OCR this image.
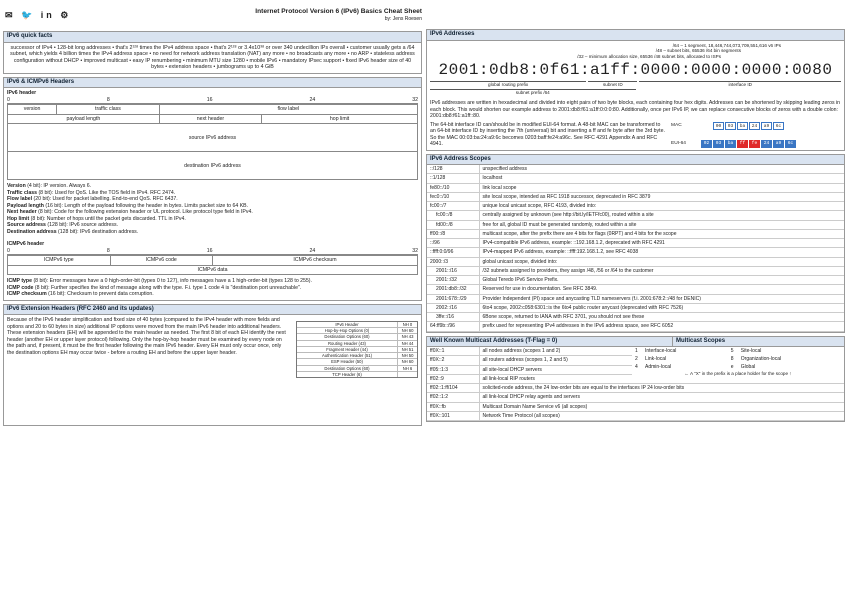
✉ 🐦 in ⚙	Internet Protocol Version 6 (IPv6) Basics Cheat Sheet
by: Jens Roesen
IPv6 quick facts
successor of IPv4 • 128-bit long addresses • that's 2¹²⁸ times the IPv4 address space • that's 2¹²⁸ or 3.4x10³⁸ or over 340 undecillion IPs overall • customer usually gets a /64 subnet, which yields 4 billion times the IPv4 address space • no need for network address translation (NAT) any more • no broadcasts any more • no ARP • stateless address configuration without DHCP • improved multicast • easy IP renumbering • minimum MTU size 1280 • mobile IPv6 • mandatory IPsec support • fixed IPv6 header size of 40 bytes • extension headers • jumbograms up to 4 GiB
IPv6 & ICMPv6 Headers
IPv6 header
0	8	16	24	32
version	traffic class	flow label	
payload length		next header	hop limit
source IPv6 address			
destination IPv6 address			
Version (4 bit): IP version. Always 6.
Traffic class (8 bit): Used for QoS. Like the TOS field in IPv4. RFC 2474.
Flow label (20 bit): Used for packet labelling. End-to-end QoS. RFC 6437.
Payload length (16 bit): Length of the payload following the header in bytes. Limits packet size to 64 KB.
Next header (8 bit): Code for the following extension header or UL protocol. Like protocol type field in IPv4.
Hop limit (8 bit): Number of hops until the packet gets discarded. TTL in IPv4.
Source address (128 bit): IPv6 source address.
Destination address (128 bit): IPv6 destination address.
ICMPv6 header
0	8	16	24	32
ICMPv6 type	ICMPv6 code	ICMPv6 checksum
ICMPv6 data
ICMP type (8 bit): Error messages have a 0 high-order-bit (types 0 to 127), info messages have a 1 high-order-bit (types 128 to 255).
ICMP code (8 bit): Further specifies the kind of message along with the type. F.i. type 1 code 4 is "destination port unreachable".
ICMP checksum (16 bit): Checksum to prevent data corruption.
IPv6 Extension Headers (RFC 2460 and its updates)
Because of the IPv6 header simplification and fixed size of 40 bytes (compared to the IPv4 header with more fields and options and 20 to 60 bytes in size) additional IP options were moved from the main IPv6 header into additional headers. These extension headers (EH) will be appended to the main header as needed. The first 8 bit of each EH identify the next header (another EH or upper layer protocol) following. Only the hop-by-hop header must be examined by every node on the path and, if present, it must be the first header following the main IPv6 header. Every EH must only occur once, only the destination options EH may occur twice - before a routing EH and before the upper layer header.
IPv6 Header	NH 0
Hop-by-Hop Options (0)	NH 60
Destination Options (60)	NH 43
Routing Header (43)	NH 44
Fragment Header (44)	NH 51
Authentication Header (51)	NH 50
ESP Header (50)	NH 60
Destination Options (60)	NH 6
TCP Header (6)
IPv6 Addresses
/64 – 1 segment, 18,446,744,073,709,551,616 v6 IPs
/48 – subnet bits, 65536 /64 bin segments
/32 – minimum allocation size, 65536 /48 subnet bits, allocated to ISPs
2001:0db8:0f61:a1ff:0000:0000:0000:0080
global routing prefix	subnet ID	interface ID
subnet prefix /64
IPv6 addresses are written in hexadecimal and divided into eight pairs of two byte blocks, each containing four hex digits. Addresses can be shortened by skipping leading zeros in each block. This would shorten our example address to 2001:db8:f61:a1ff:0:0:0:80. Additionally, once per IPv6 IP, we can replace consecutive blocks of zeros with a double colon: 2001:db8:f61:a1ff::80.
The 64-bit interface ID can/should be in modified EUI-64 format. A 48-bit MAC can be transformed to an 64-bit interface ID by inserting the 7th (universal) bit and inserting a ff and fe byte after the 3rd byte. So the MAC 00:03:ba:24:a9:6c becomes 0203:baff:fe24:a96c. See RFC 4291 Appendix A and RFC 4941.
MAC	00	03	ba	24	a9	6c
EUI-64	02	03	ba	ff	fe	24	a9	6c
IPv6 Address Scopes
::/128	unspecified address
::1/128	localhost
fe80::/10	link local scope
fec0::/10	site local scope, intended as RFC 1918 successor, deprecated in RFC 3879
fc00::/7	unique local unicast scope, RFC 4193, divided into:
fc00::/8	centrally assigned by unknown (see http://bit.ly/IETFfc00), routed within a site
fd00::/8	free for all, global ID must be generated randomly, routed within a site
ff00::/8	multicast scope, after the prefix there are 4 bits for flags (0RPT) and 4 bits for the scope
::/96	IPv4-compatible IPv6 address, example: ::192.168.1.2, deprecated with RFC 4291
::ffff:0:0/96	IPv4-mapped IPv6 address, example: ::ffff:192.168.1.2, see RFC 4038
2000::/3	global unicast scope, divided into:
2001::/16	/32 subnets assigned to providers, they assign /48, /56 or /64 to the customer
2001::/32	Global Teredo IPv6 Service Prefix.
2001:db8::/32	Reserved for use in documentation. See RFC 3849.
2001:678::/29	Provider Independent (PI) space and anycasting TLD nameservers (f.i. 2001:678:2::/48 for DENIC)
2002::/16	6to4 scope, 2002:c058:6301::is the 6to4 public router anycast (deprecated with RFC 7526)
3ffe::/16	6Bone scope, returned to IANA with RFC 3701, you should not see these
64:ff9b::/96	prefix used for representing IPv4 addresses in the IPv6 address space, see RFC 6052
Well Known Multicast Addresses (T-Flag = 0)	Multicast Scopes
ff0X::1	all nodes address (scopes 1 and 2)
ff0X::2	all routers address (scopes 1, 2 and 5)
ff05::1:3	all site-local DHCP servers
ff02::9	all link-local RIP routers
ff02::1:ff/104	solicited-node address, the 24 low-order bits are equal to the interfaces IP 24 low-order bits
ff02::1:2	all link-local DHCP relay agents and servers
ff0X::fb	Multicast Domain Name Service v6 (all scopes)
ff0X::101	Network Time Protocol (all scopes)
1	Interface-local	5	Site-local
2	Link-local	8	Organization-local
4	Admin-local	e	Global
← A "X" in the prefix is a place holder for the scope ↑
